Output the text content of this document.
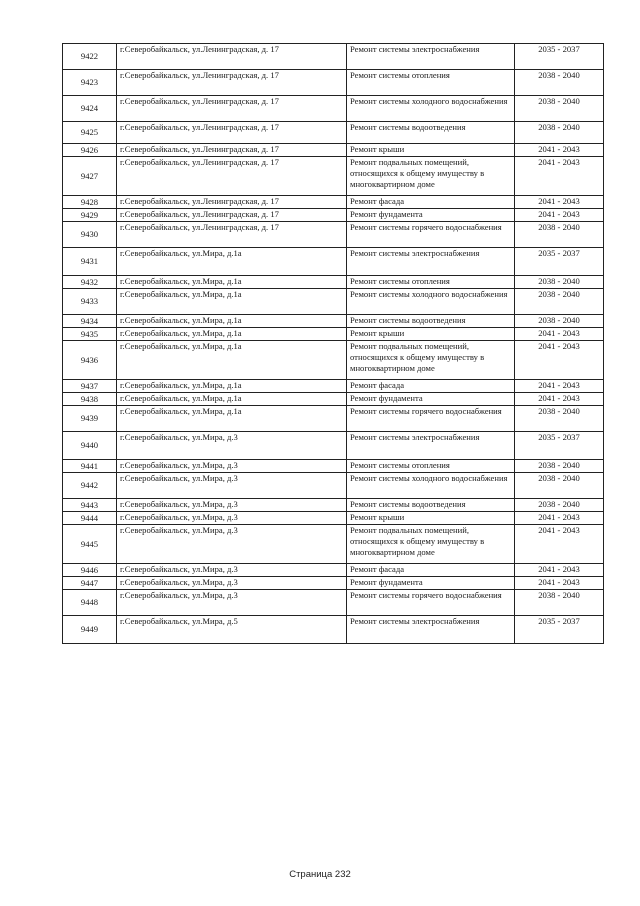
9422	г.Северобайкальск, ул.Ленинградская, д. 17	Ремонт системы электроснабжения	2035 - 2037
9423	г.Северобайкальск, ул.Ленинградская, д. 17	Ремонт системы отопления	2038 - 2040
9424	г.Северобайкальск, ул.Ленинградская, д. 17	Ремонт системы холодного водоснабжения	2038 - 2040
9425	г.Северобайкальск, ул.Ленинградская, д. 17	Ремонт системы водоотведения	2038 - 2040
9426	г.Северобайкальск, ул.Ленинградская, д. 17	Ремонт крыши	2041 - 2043
9427	г.Северобайкальск, ул.Ленинградская, д. 17	Ремонт подвальных помещений, относящихся к общему имуществу в многоквартирном доме	2041 - 2043
9428	г.Северобайкальск, ул.Ленинградская, д. 17	Ремонт фасада	2041 - 2043
9429	г.Северобайкальск, ул.Ленинградская, д. 17	Ремонт фундамента	2041 - 2043
9430	г.Северобайкальск, ул.Ленинградская, д. 17	Ремонт системы горячего водоснабжения	2038 - 2040
9431	г.Северобайкальск, ул.Мира, д.1а	Ремонт системы электроснабжения	2035 - 2037
9432	г.Северобайкальск, ул.Мира, д.1а	Ремонт системы отопления	2038 - 2040
9433	г.Северобайкальск, ул.Мира, д.1а	Ремонт системы холодного водоснабжения	2038 - 2040
9434	г.Северобайкальск, ул.Мира, д.1а	Ремонт системы водоотведения	2038 - 2040
9435	г.Северобайкальск, ул.Мира, д.1а	Ремонт крыши	2041 - 2043
9436	г.Северобайкальск, ул.Мира, д.1а	Ремонт подвальных помещений, относящихся к общему имуществу в многоквартирном доме	2041 - 2043
9437	г.Северобайкальск, ул.Мира, д.1а	Ремонт фасада	2041 - 2043
9438	г.Северобайкальск, ул.Мира, д.1а	Ремонт фундамента	2041 - 2043
9439	г.Северобайкальск, ул.Мира, д.1а	Ремонт системы горячего водоснабжения	2038 - 2040
9440	г.Северобайкальск, ул.Мира, д.3	Ремонт системы электроснабжения	2035 - 2037
9441	г.Северобайкальск, ул.Мира, д.3	Ремонт системы отопления	2038 - 2040
9442	г.Северобайкальск, ул.Мира, д.3	Ремонт системы холодного водоснабжения	2038 - 2040
9443	г.Северобайкальск, ул.Мира, д.3	Ремонт системы водоотведения	2038 - 2040
9444	г.Северобайкальск, ул.Мира, д.3	Ремонт крыши	2041 - 2043
9445	г.Северобайкальск, ул.Мира, д.3	Ремонт подвальных помещений, относящихся к общему имуществу в многоквартирном доме	2041 - 2043
9446	г.Северобайкальск, ул.Мира, д.3	Ремонт фасада	2041 - 2043
9447	г.Северобайкальск, ул.Мира, д.3	Ремонт фундамента	2041 - 2043
9448	г.Северобайкальск, ул.Мира, д.3	Ремонт системы горячего водоснабжения	2038 - 2040
9449	г.Северобайкальск, ул.Мира, д.5	Ремонт системы электроснабжения	2035 - 2037
Страница 232
